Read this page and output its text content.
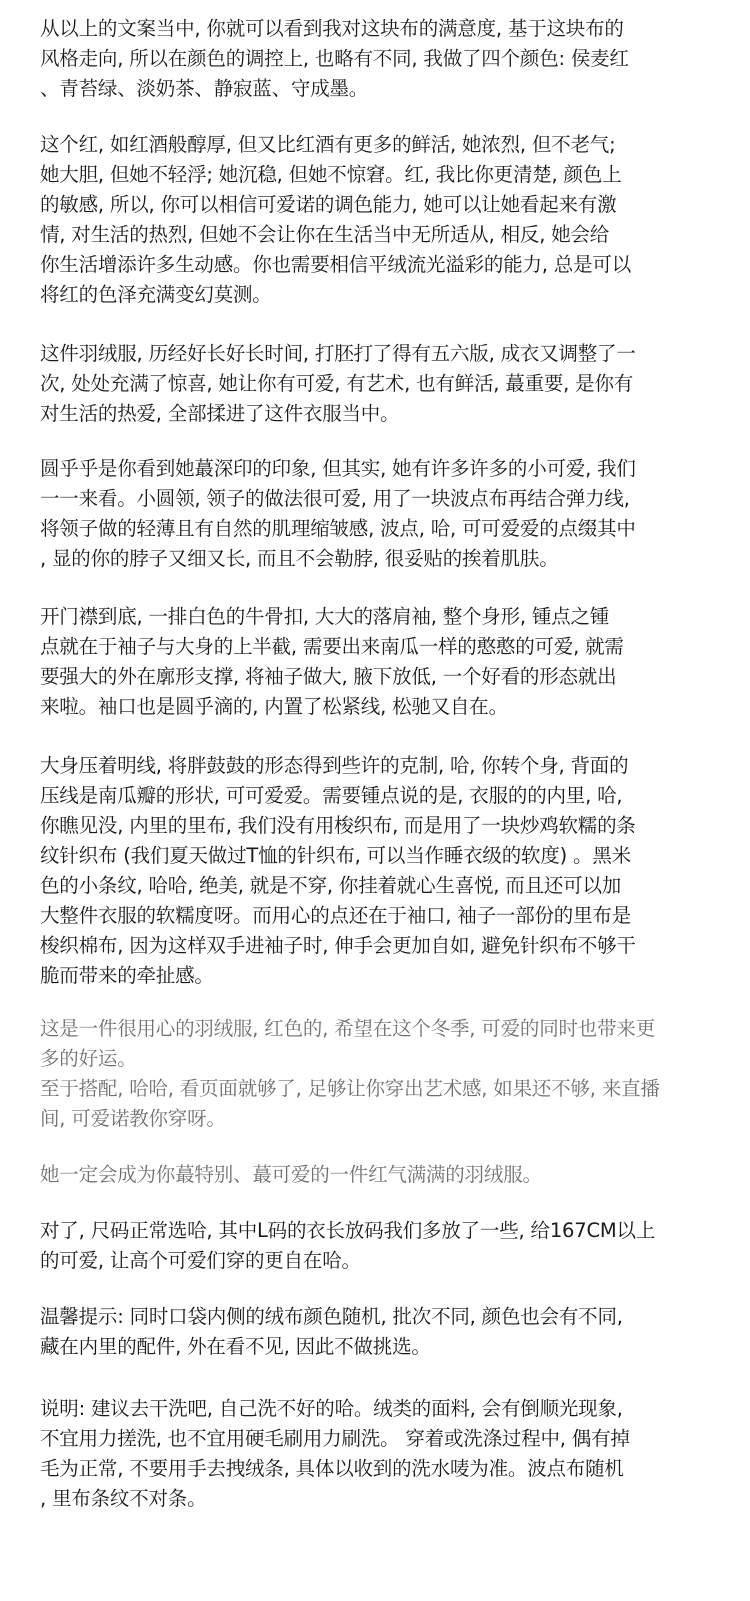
从以上的文案当中, 你就可以看到我对这块布的满意度, 基于这块布的
风格走向, 所以在颜色的调控上, 也略有不同, 我做了四个颜色: 侯麦红
、青苔绿、淡奶茶、静寂蓝、守成墨。

这个红, 如红酒般醇厚, 但又比红酒有更多的鲜活, 她浓烈, 但不老气;
她大胆, 但她不轻浮; 她沉稳, 但她不惊窘。红, 我比你更清楚, 颜色上
的敏感, 所以, 你可以相信可爱诺的调色能力, 她可以让她看起来有激
情, 对生活的热烈, 但她不会让你在生活当中无所适从, 相反, 她会给
你生活增添许多生动感。你也需要相信平绒流光溢彩的能力, 总是可以
将红的色泽充满变幻莫测。

这件羽绒服, 历经好长好长时间, 打胚打了得有五六版, 成衣又调整了一
次, 处处充满了惊喜, 她让你有可爱, 有艺术, 也有鲜活, 蕞重要, 是你有
对生活的热爱, 全部揉进了这件衣服当中。

圆乎乎是你看到她蕞深印的印象, 但其实, 她有许多许多的小可爱, 我们
一一来看。小圆领, 领子的做法很可爱, 用了一块波点布再结合弹力线,
将领子做的轻薄且有自然的肌理缩皱感, 波点, 哈, 可可爱爱的点缀其中
, 显的你的脖子又细又长, 而且不会勒脖, 很妥贴的挨着肌肤。

开门襟到底, 一排白色的牛骨扣, 大大的落肩袖, 整个身形, 锺点之锺
点就在于袖子与大身的上半截, 需要出来南瓜一样的憨憨的可爱, 就需
要强大的外在廓形支撑, 将袖子做大, 腋下放低, 一个好看的形态就出
来啦。袖口也是圆乎滴的, 内置了松紧线, 松驰又自在。

大身压着明线, 将胖鼓鼓的形态得到些许的克制, 哈, 你转个身, 背面的
压线是南瓜瓣的形状, 可可爱爱。需要锺点说的是, 衣服的的内里, 哈,
你瞧见没, 内里的里布, 我们没有用梭织布, 而是用了一块炒鸡软糯的条
纹针织布 (我们夏天做过T恤的针织布, 可以当作睡衣级的软度) 。黑米
色的小条纹, 哈哈, 绝美, 就是不穿, 你挂着就心生喜悦, 而且还可以加
大整件衣服的软糯度呀。而用心的点还在于袖口, 袖子一部份的里布是
梭织棉布, 因为这样双手进袖子时, 伸手会更加自如, 避免针织布不够干
脆而带来的牵扯感。

这是一件很用心的羽绒服, 红色的, 希望在这个冬季, 可爱的同时也带来更
多的好运。
至于搭配, 哈哈, 看页面就够了, 足够让你穿出艺术感, 如果还不够, 来直播
间, 可爱诺教你穿呀。

她一定会成为你蕞特别、蕞可爱的一件红气满满的羽绒服。

对了, 尺码正常选哈, 其中L码的衣长放码我们多放了一些, 给167CM以上
的可爱, 让高个可爱们穿的更自在哈。

温馨提示: 同时口袋内侧的绒布颜色随机, 批次不同, 颜色也会有不同,
藏在内里的配件, 外在看不见, 因此不做挑选。

说明: 建议去干洗吧, 自己洗不好的哈。绒类的面料, 会有倒顺光现象,
不宜用力搓洗, 也不宜用硬毛刷用力刷洗。 穿着或洗涤过程中, 偶有掉
毛为正常, 不要用手去拽绒条, 具体以收到的洗水唛为准。波点布随机
, 里布条纹不对条。
